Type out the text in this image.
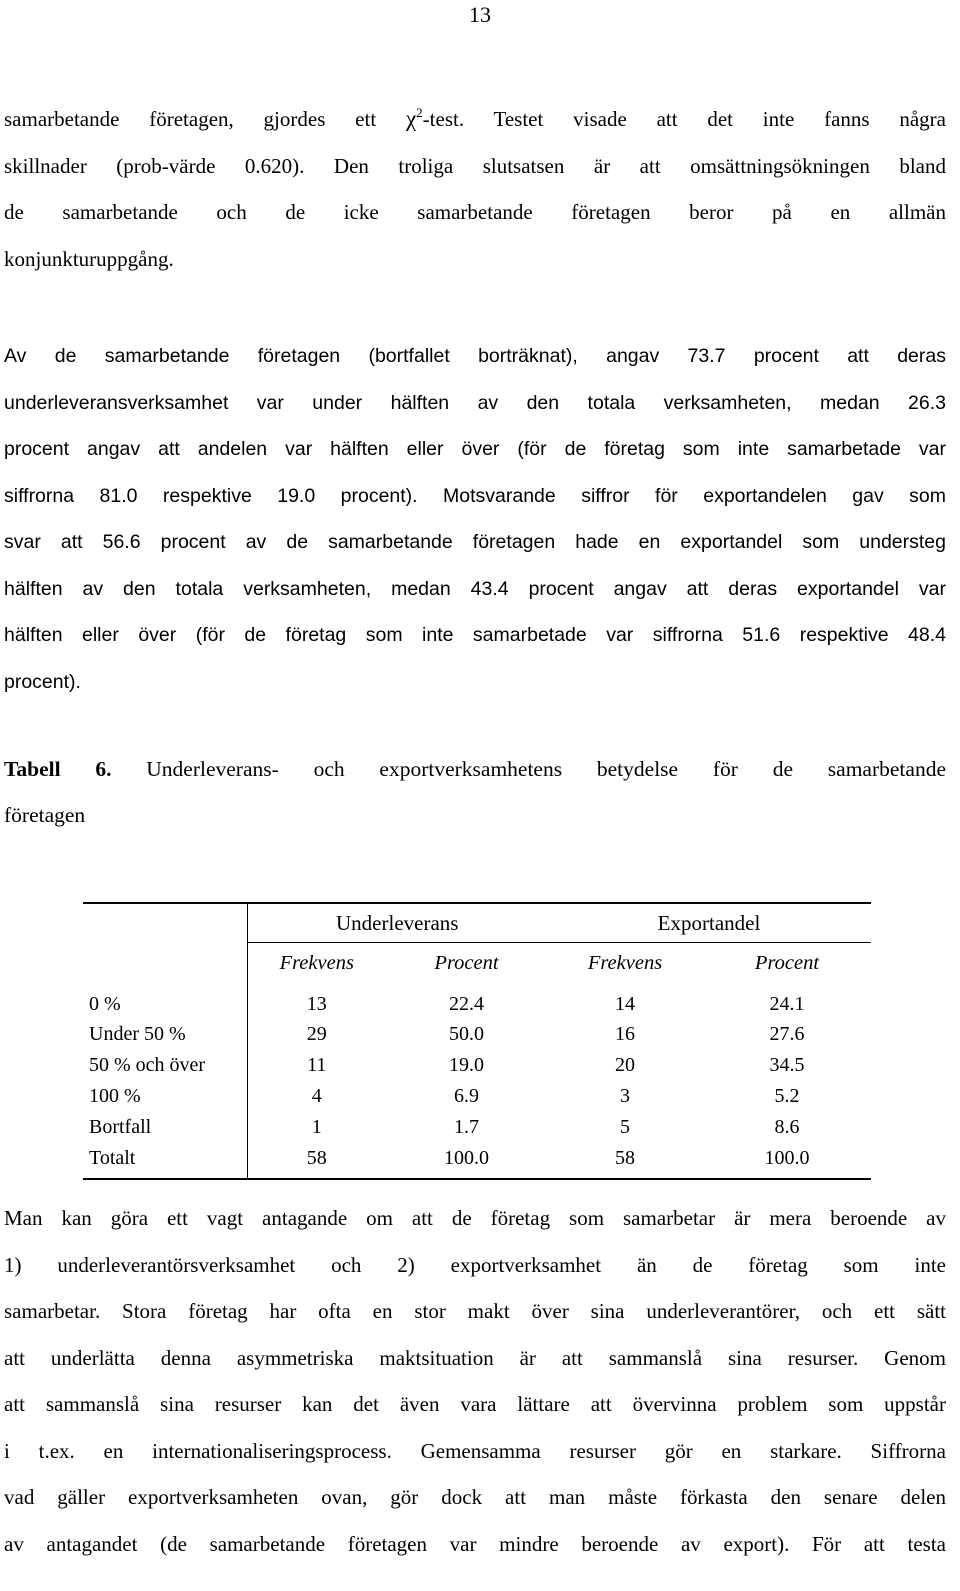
13
samarbetande företagen, gjordes ett $\chi^2$-test. Testet visade att det inte fanns några
skillnader (prob-värde 0.620). Den troliga slutsatsen är att omsättningsökningen bland
de samarbetande och de icke samarbetande företagen beror på en allmän
konjunkturuppgång.
Av de samarbetande företagen (bortfallet borträknat), angav 73.7 procent att deras
underleveransverksamhet var under hälften av den totala verksamheten, medan 26.3
procent angav att andelen var hälften eller över (för de företag som inte samarbetade var
siffrorna 81.0 respektive 19.0 procent). Motsvarande siffror för exportandelen gav som
svar att 56.6 procent av de samarbetande företagen hade en exportandel som understeg
hälften av den totala verksamheten, medan 43.4 procent angav att deras exportandel var
hälften eller över (för de företag som inte samarbetade var siffrorna 51.6 respektive 48.4
procent).
Tabell 6. Underleverans- och exportverksamhetens betydelse för de samarbetande
företagen
	Underleverans		Exportandel	
	Frekvens	Procent	Frekvens	Procent
0 %	13	22.4	14	24.1
Under 50 %	29	50.0	16	27.6
50 % och över	11	19.0	20	34.5
100 %	4	6.9	3	5.2
Bortfall	1	1.7	5	8.6
Totalt	58	100.0	58	100.0
Man kan göra ett vagt antagande om att de företag som samarbetar är mera beroende av
1) underleverantörsverksamhet och 2) exportverksamhet än de företag som inte
samarbetar. Stora företag har ofta en stor makt över sina underleverantörer, och ett sätt
att underlätta denna asymmetriska maktsituation är att sammanslå sina resurser. Genom
att sammanslå sina resurser kan det även vara lättare att övervinna problem som uppstår
i t.ex. en internationaliseringsprocess. Gemensamma resurser gör en starkare. Siffrorna
vad gäller exportverksamheten ovan, gör dock att man måste förkasta den senare delen
av antagandet (de samarbetande företagen var mindre beroende av export). För att testa
